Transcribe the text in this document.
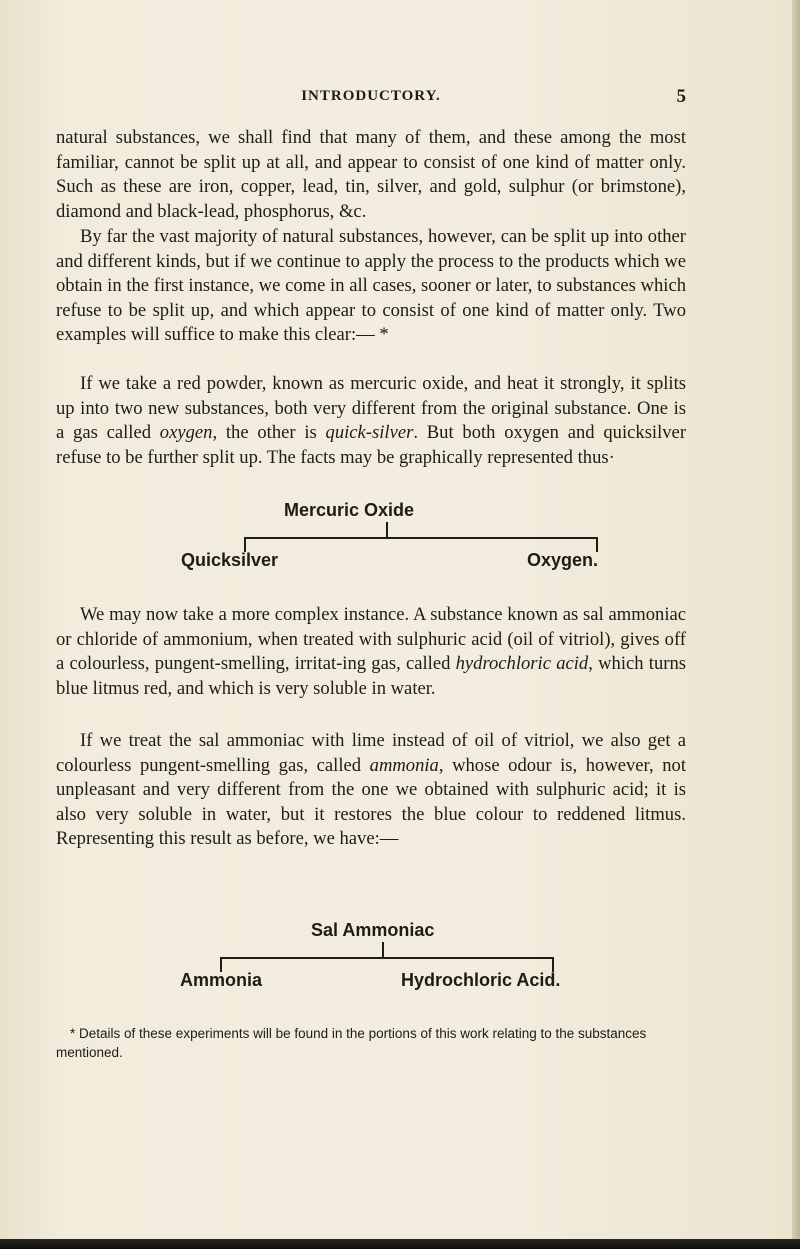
INTRODUCTORY.	5

natural substances, we shall find that many of them, and these among the most familiar, cannot be split up at all, and appear to consist of one kind of matter only. Such as these are iron, copper, lead, tin, silver, and gold, sulphur (or brimstone), diamond and black-lead, phosphorus, &c.

By far the vast majority of natural substances, however, can be split up into other and different kinds, but if we continue to apply the process to the products which we obtain in the first instance, we come in all cases, sooner or later, to substances which refuse to be split up, and which appear to consist of one kind of matter only. Two examples will suffice to make this clear:— *

If we take a red powder, known as mercuric oxide, and heat it strongly, it splits up into two new substances, both very different from the original substance. One is a gas called oxygen, the other is quick-silver. But both oxygen and quicksilver refuse to be further split up. The facts may be graphically represented thus·

Mercuric Oxide
Quicksilver	Oxygen.

We may now take a more complex instance. A substance known as sal ammoniac or chloride of ammonium, when treated with sulphuric acid (oil of vitriol), gives off a colourless, pungent-smelling, irritat-ing gas, called hydrochloric acid, which turns blue litmus red, and which is very soluble in water.

If we treat the sal ammoniac with lime instead of oil of vitriol, we also get a colourless pungent-smelling gas, called ammonia, whose odour is, however, not unpleasant and very different from the one we obtained with sulphuric acid; it is also very soluble in water, but it restores the blue colour to reddened litmus. Representing this result as before, we have:—

Sal Ammoniac
Ammonia	Hydrochloric Acid.

* Details of these experiments will be found in the portions of this work relating to the substances mentioned.
